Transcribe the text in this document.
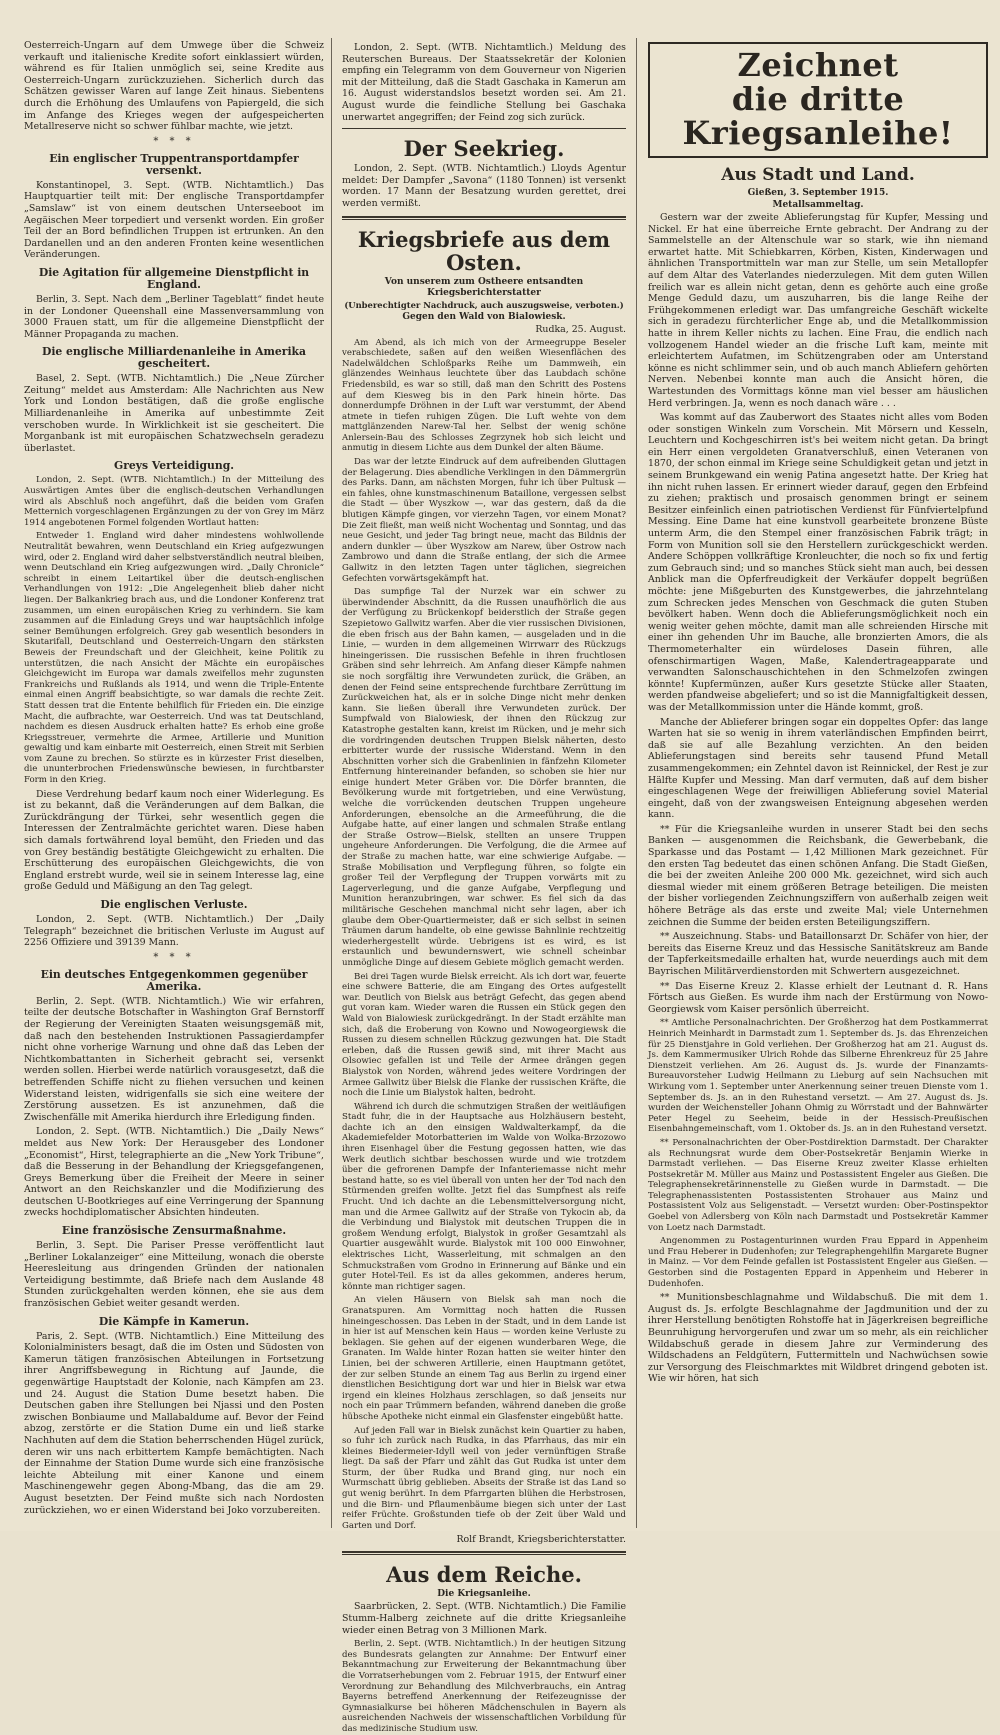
Oesterreich-Ungarn auf dem Umwege über die Schweiz verkauft und italienische Kredite sofort einklassiert würden, während es für Italien unmöglich sei, seine Kredite aus Oesterreich-Ungarn zurückzuziehen. Sicherlich durch das Schätzen gewisser Waren auf lange Zeit hinaus. Siebentens durch die Erhöhung des Umlaufens von Papiergeld, die sich im Anfange des Krieges wegen der aufgespeicherten Metallreserve nicht so schwer fühlbar machte, wie jetzt.

* * *
Ein englischer Truppentransportdampfer versenkt.

Konstantinopel, 3. Sept. (WTB. Nichtamtlich.) Das Hauptquartier teilt mit: Der englische Transportdampfer „Samslaw“ ist von einem deutschen Unterseeboot im Aegäischen Meer torpediert und versenkt worden. Ein großer Teil der an Bord befindlichen Truppen ist ertrunken. An den Dardanellen und an den anderen Fronten keine wesentlichen Veränderungen.

Die Agitation für allgemeine Dienstpflicht in England.

Berlin, 3. Sept. Nach dem „Berliner Tageblatt“ findet heute in der Londoner Queenshall eine Massenversammlung von 3000 Frauen statt, um für die allgemeine Dienstpflicht der Männer Propaganda zu machen.

Die englische Milliardenanleihe in Amerika gescheitert.

Basel, 2. Sept. (WTB. Nichtamtlich.) Die „Neue Zürcher Zeitung“ meldet aus Amsterdam: Alle Nachrichten aus New York und London bestätigen, daß die große englische Milliardenanleihe in Amerika auf unbestimmte Zeit verschoben wurde. In Wirklichkeit ist sie gescheitert. Die Morganbank ist mit europäischen Schatzwechseln geradezu überlastet.

Greys Verteidigung.

London, 2. Sept. (WTB. Nichtamtlich.) In der Mitteilung des Auswärtigen Amtes über die englisch-deutschen Verhandlungen wird als Abschluß noch angeführt, daß die beiden vom Grafen Metternich vorgeschlagenen Ergänzungen zu der von Grey im März 1914 angebotenen Formel folgenden Wortlaut hatten:

Entweder 1. England wird daher mindestens wohlwollende Neutralität bewahren, wenn Deutschland ein Krieg aufgezwungen wird, oder 2. England wird daher selbstverständlich neutral bleiben, wenn Deutschland ein Krieg aufgezwungen wird. „Daily Chronicle“ schreibt in einem Leitartikel über die deutsch-englischen Verhandlungen von 1912: „Die Angelegenheit blieb daher nicht liegen. Der Balkankrieg brach aus, und die Londoner Konferenz trat zusammen, um einen europäischen Krieg zu verhindern. Sie kam zusammen auf die Einladung Greys und war hauptsächlich infolge seiner Bemühungen erfolgreich. Grey gab wesentlich besonders in Skutarifall, Deutschland und Oesterreich-Ungarn den stärksten Beweis der Freundschaft und der Gleichheit, keine Politik zu unterstützen, die nach Ansicht der Mächte ein europäisches Gleichgewicht im Europa war damals zweifellos mehr zugunsten Frankreichs und Rußlands als 1914, und wenn die Triple-Entente einmal einen Angriff beabsichtigte, so war damals die rechte Zeit. Statt dessen trat die Entente behilflich für Frieden ein. Die einzige Macht, die aufbrachte, war Oesterreich. Und was tat Deutschland, nachdem es diesen Ausdruck erhalten hatte? Es erhob eine große Kriegsstreuer, vermehrte die Armee, Artillerie und Munition gewaltig und kam einbarte mit Oesterreich, einen Streit mit Serbien vom Zaune zu brechen. So stürzte es in kürzester Frist dieselben, die ununterbrochen Friedenswünsche bewiesen, in furchtbarster Form in den Krieg.

Diese Verdrehung bedarf kaum noch einer Widerlegung. Es ist zu bekannt, daß die Veränderungen auf dem Balkan, die Zurückdrängung der Türkei, sehr wesentlich gegen die Interessen der Zentralmächte gerichtet waren. Diese haben sich damals fortwährend loyal bemüht, den Frieden und das von Grey beständig bestätigte Gleichgewicht zu erhalten. Die Erschütterung des europäischen Gleichgewichts, die von England erstrebt wurde, weil sie in seinem Interesse lag, eine große Geduld und Mäßigung an den Tag gelegt.

Die englischen Verluste.

London, 2. Sept. (WTB. Nichtamtlich.) Der „Daily Telegraph“ bezeichnet die britischen Verluste im August auf 2256 Offiziere und 39139 Mann.

* * *
Ein deutsches Entgegenkommen gegenüber Amerika.

Berlin, 2. Sept. (WTB. Nichtamtlich.) Wie wir erfahren, teilte der deutsche Botschafter in Washington Graf Bernstorff der Regierung der Vereinigten Staaten weisungsgemäß mit, daß nach den bestehenden Instruktionen Passagierdampfer nicht ohne vorherige Warnung und ohne daß das Leben der Nichtkombattanten in Sicherheit gebracht sei, versenkt werden sollen. Hierbei werde natürlich vorausgesetzt, daß die betreffenden Schiffe nicht zu fliehen versuchen und keinen Widerstand leisten, widrigenfalls sie sich eine weitere der Zerstörung aussetzen. Es ist anzunehmen, daß die Zwischenfälle mit Amerika hierdurch ihre Erledigung finden.

London, 2. Sept. (WTB. Nichtamtlich.) Die „Daily News“ meldet aus New York: Der Herausgeber des Londoner „Economist“, Hirst, telegraphierte an die „New York Tribune“, daß die Besserung in der Behandlung der Kriegsgefangenen, Greys Bemerkung über die Freiheit der Meere in seiner Antwort an den Reichskanzler und die Modifizierung des deutschen U-Bootkrieges auf eine Verringerung der Spannung zwecks hochdiplomatischer Absichten hindeuten.

Eine französische Zensurmaßnahme.

Berlin, 3. Sept. Die Pariser Presse veröffentlicht laut „Berliner Lokalanzeiger“ eine Mitteilung, wonach die oberste Heeresleitung aus dringenden Gründen der nationalen Verteidigung bestimmte, daß Briefe nach dem Auslande 48 Stunden zurückgehalten werden können, ehe sie aus dem französischen Gebiet weiter gesandt werden.

Die Kämpfe in Kamerun.

Paris, 2. Sept. (WTB. Nichtamtlich.) Eine Mitteilung des Kolonialministers besagt, daß die im Osten und Südosten von Kamerun tätigen französischen Abteilungen in Fortsetzung ihrer Angriffsbewegung in Richtung auf Jaunde, die gegenwärtige Hauptstadt der Kolonie, nach Kämpfen am 23. und 24. August die Station Dume besetzt haben. Die Deutschen gaben ihre Stellungen bei Njassi und den Posten zwischen Bonbiaume und Mallabaldume auf. Bevor der Feind abzog, zerstörte er die Station Dume ein und ließ starke Nachhuten auf dem die Station beherrschenden Hügel zurück, deren wir uns nach erbittertem Kampfe bemächtigten. Nach der Einnahme der Station Dume wurde sich eine französische leichte Abteilung mit einer Kanone und einem Maschinengewehr gegen Abong-Mbang, das die am 29. August besetzten. Der Feind mußte sich nach Nordosten zurückziehen, wo er einen Widerstand bei Joko vorzubereiten.

London, 2. Sept. (WTB. Nichtamtlich.) Meldung des Reuterschen Bureaus. Der Staatssekretär der Kolonien empfing ein Telegramm von dem Gouverneur von Nigerien mit der Mitteilung, daß die Stadt Gaschaka in Kamerun am 16. August widerstandslos besetzt worden sei. Am 21. August wurde die feindliche Stellung bei Gaschaka unerwartet angegriffen; der Feind zog sich zurück.

Der Seekrieg.

London, 2. Sept. (WTB. Nichtamtlich.) Lloyds Agentur meldet: Der Dampfer „Savona“ (1180 Tonnen) ist versenkt worden. 17 Mann der Besatzung wurden gerettet, drei werden vermißt.

Kriegsbriefe aus dem Osten.
Von unserem zum Ostheere entsandten Kriegsberichterstatter
(Unberechtigter Nachdruck, auch auszugsweise, verboten.)
Gegen den Wald von Bialowiesk.
Rudka, 25. August.

Am Abend, als ich mich von der Armeegruppe Beseler verabschiedete, saßen auf den weißen Wiesenflächen des Nadelwäldchen Schloßparks Reihe um Dammweih, ein glänzendes Weinhaus leuchtete über das Laubdach schöne Friedensbild, es war so still, daß man den Schritt des Postens auf dem Kiesweg bis in den Park hinein hörte. Das donnerdumpfe Dröhnen in der Luft war verstummt, der Abend atmete in tiefen ruhigen Zügen. Die Luft wehte von dem mattglänzenden Narew-Tal her. Selbst der wenig schöne Anlersein-Bau des Schlosses Zegrzynek hob sich leicht und anmutig in diesem Lichte aus dem Dunkel der alten Bäume.

Das war der letzte Eindruck auf dem aufreibenden Gluttagen der Belagerung. Dies abendliche Verklingen in den Dämmergrün des Parks. Dann, am nächsten Morgen, fuhr ich über Pultusk — ein fahles, ohne kunstmaschinenum Bataillone, vergessen selbst die Stadt — über Wyszkow —, war das gestern, daß da die blutigen Kämpfe gingen, vor vierzehn Tagen, vor einem Monat? Die Zeit fließt, man weiß nicht Wochentag und Sonntag, und das neue Gesicht, und jeder Tag bringt neue, macht das Bildnis der andern dunkler — über Wyszkow am Narew, über Ostrow nach Zambrowo und dann die Straße entlang, der sich die Armee Gallwitz in den letzten Tagen unter täglichen, siegreichen Gefechten vorwärtsgekämpft hat.

Das sumpfige Tal der Nurzek war ein schwer zu überwindender Abschnitt, da die Russen unaufhörlich die aus der Verfügung zu Brückenkopf beiderstlich der Straße gegen Szepietowo Gallwitz warfen. Aber die vier russischen Divisionen, die eben frisch aus der Bahn kamen, — ausgeladen und in die Linie, — wurden in dem allgemeinen Wirrwarr des Rückzugs hineingerissen. Die russischen Befehle in ihren fruchtlosen Gräben sind sehr lehrreich. Am Anfang dieser Kämpfe nahmen sie noch sorgfältig ihre Verwundeten zurück, die Gräben, an denen der Feind seine entsprechende furchtbare Zerrüttung im Zurückweichen hat, als er in solche Dinge nicht mehr denken kann. Sie ließen überall ihre Verwundeten zurück. Der Sumpfwald von Bialowiesk, der ihnen den Rückzug zur Katastrophe gestalten kann, kreist im Rücken, und je mehr sich die vordringenden deutschen Truppen Bielsk näherten, desto erbitterter wurde der russische Widerstand. Wenn in den Abschnitten vorher sich die Grabenlinien in fänfzehn Kilometer Entfernung hintereinander befanden, so schoben sie hier nur einige hundert Meter Gräben vor. Die Dörfer brannten, die Bevölkerung wurde mit fortgetrieben, und eine Verwüstung, welche die vorrückenden deutschen Truppen ungeheure Anforderungen, ebensolche an die Armeeführung, die die Aufgabe hatte, auf einer langen und schmalen Straße entlang der Straße Ostrow—Bielsk, stellten an unsere Truppen ungeheure Anforderungen. Die Verfolgung, die die Armee auf der Straße zu machen hatte, war eine schwierige Aufgabe. — Straße Mobilisation und Verpflegung führen, so folgte ein großer Teil der Verpflegung der Truppen vorwärts mit zu Lagerverlegung, und die ganze Aufgabe, Verpflegung und Munition heranzubringen, war schwer. Es fiel sich da das militärische Geschehen manchmal nicht sehr lagen, aber ich glaube dem Ober-Quartiermeister, daß er sich selbst in seinen Träumen darum handelte, ob eine gewisse Bahnlinie rechtzeitig wiederhergestellt würde. Uebrigens ist es wird, es ist erstaunlich und bewundernswert, wie schnell scheinbar unmögliche Dinge auf diesem Gebiete möglich gemacht werden.

Bei drei Tagen wurde Bielsk erreicht. Als ich dort war, feuerte eine schwere Batterie, die am Eingang des Ortes aufgestellt war. Deutlich von Bielsk aus beträgt Gefecht, das gegen abend gut voran kam. Wieder waren die Russen ein Stück gegen den Wald von Bialowiesk zurückgedrängt. In der Stadt erzählte man sich, daß die Eroberung von Kowno und Nowogeorgiewsk die Russen zu diesem schnellen Rückzug gezwungen hat. Die Stadt erleben, daß die Russen gewiß sind, mit ihrer Macht aus Olsowiec gefallen ist und Teile der Armee drängen gegen Bialystok von Norden, während jedes weitere Vordringen der Armee Gallwitz über Bielsk die Flanke der russischen Kräfte, die noch die Linie um Bialystok halten, bedroht.

Während ich durch die schmutzigen Straßen der weitläufigen Stadt fuhr, die in der Hauptsache aus Holzhäusern besteht, dachte ich an den einsigen Waldwalterkampf, da die Akademiefelder Motorbatterien im Walde von Wolka-Brzozowo ihren Eisenhagel über die Festung gegossen hatten, wie das Werk deutlich sichtbar beschossen wurde und wie trotzdem über die gefrorenen Dampfe der Infanteriemasse nicht mehr bestand hatte, so es viel überall von unten her der Tod nach den Stürmenden greifen wollte. Jetzt fiel das Sumpfnest als reife Frucht. Und ich dachte an die Lebensmittelversorgung nicht, man und die Armee Gallwitz auf der Straße von Tykocin ab, da die Verbindung und Bialystok mit deutschen Truppen die in großem Wendung erfolgt, Bialystok in großer Gesamtzahl als Quartier ausgewählt wurde. Bialystok mit 100 000 Einwohner, elektrisches Licht, Wasserleitung, mit schmalgen an den Schmuckstraßen vom Grodno in Erinnerung auf Bänke und ein guter Hotel-Teil. Es ist da alles gekommen, anderes herum, könnte man richtiger sagen.

An vielen Häusern von Bielsk sah man noch die Granatspuren. Am Vormittag noch hatten die Russen hineingeschossen. Das Leben in der Stadt, und in dem Lande ist in hier ist auf Menschen kein Haus — worden keine Verluste zu beklagen. Sie gehen auf der eigenen wunderbaren Wege, die Granaten. Im Walde hinter Rozan hatten sie weiter hinter den Linien, bei der schweren Artillerie, einen Hauptmann getötet, der zur selben Stunde an einem Tag aus Berlin zu irgend einer dienstlichen Besichtigung dort war und hier in Bielsk war etwa irgend ein kleines Holzhaus zerschlagen, so daß jenseits nur noch ein paar Trümmern befanden, während daneben die große hübsche Apotheke nicht einmal ein Glasfenster eingebüßt hatte.

Auf jeden Fall war in Bielsk zunächst kein Quartier zu haben, so fuhr ich zurück nach Rudka, in das Pfarrhaus, das mir ein kleines Biedermeier-Idyll weil von jeder vernünftigen Straße liegt. Da saß der Pfarr und zählt das Gut Rudka ist unter dem Sturm, der über Rudka und Brand ging, nur noch ein Wurmschatt übrig geblieben. Abseits der Straße ist das Land so gut wenig berührt. In dem Pfarrgarten blühen die Herbstrosen, und die Birn- und Pflaumenbäume biegen sich unter der Last reifer Früchte. Großstunden tiefe ob der Zeit über Wald und Garten und Dorf.

Rolf Brandt, Kriegsberichterstatter.
Aus dem Reiche.
Die Kriegsanleihe.

Saarbrücken, 2. Sept. (WTB. Nichtamtlich.) Die Familie Stumm-Halberg zeichnete auf die dritte Kriegsanleihe wieder einen Betrag von 3 Millionen Mark.

Berlin, 2. Sept. (WTB. Nichtamtlich.) In der heutigen Sitzung des Bundesrats gelangten zur Annahme: Der Entwurf einer Bekanntmachung zur Erweiterung der Bekanntmachung über die Vorratserhebungen vom 2. Februar 1915, der Entwurf einer Verordnung zur Behandlung des Milchverbrauchs, ein Antrag Bayerns betreffend Anerkennung der Reifezeugnisse der Gymnasialkurse bei höheren Mädchenschulen in Bayern als ausreichenden Nachweis der wissenschaftlichen Vorbildung für das medizinische Studium usw.

Zeichnet
die dritte Kriegsanleihe!
Aus Stadt und Land.
Gießen, 3. September 1915.
Metallsammeltag.

Gestern war der zweite Ablieferungstag für Kupfer, Messing und Nickel. Er hat eine überreiche Ernte gebracht. Der Andrang zu der Sammelstelle an der Altenschule war so stark, wie ihn niemand erwartet hatte. Mit Schiebkarren, Körben, Kisten, Kinderwagen und ähnlichen Transportmitteln war man zur Stelle, um sein Metallopfer auf dem Altar des Vaterlandes niederzulegen. Mit dem guten Willen freilich war es allein nicht getan, denn es gehörte auch eine große Menge Geduld dazu, um auszuharren, bis die lange Reihe der Frühgekommenen erledigt war. Das umfangreiche Geschäft wickelte sich in geradezu fürchterlicher Enge ab, und die Metallkommission hatte in ihrem Keller nichts zu lachen. Eine Frau, die endlich nach vollzogenem Handel wieder an die frische Luft kam, meinte mit erleichtertem Aufatmen, im Schützengraben oder am Unterstand könne es nicht schlimmer sein, und ob auch manch Abliefern gehörten Nerven. Nebenbei konnte man auch die Ansicht hören, die Wartestunden des Vormittags könne man viel besser am häuslichen Herd verbringen. Ja, wenn es noch danach wäre . . .

Was kommt auf das Zauberwort des Staates nicht alles vom Boden oder sonstigen Winkeln zum Vorschein. Mit Mörsern und Kesseln, Leuchtern und Kochgeschirren ist's bei weitem nicht getan. Da bringt ein Herr einen vergoldeten Granatverschluß, einen Veteranen von 1870, der schon einmal im Kriege seine Schuldigkeit getan und jetzt in seinem Brunkgewand ein wenig Patina angesetzt hatte. Der Krieg hat ihn nicht ruhen lassen. Er erinnert wieder darauf, gegen den Erbfeind zu ziehen; praktisch und prosaisch genommen bringt er seinem Besitzer einfeinlich einen patriotischen Verdienst für Fünfviertelpfund Messing. Eine Dame hat eine kunstvoll gearbeitete bronzene Büste unterm Arm, die den Stempel einer französischen Fabrik trägt; in Form von Munition soll sie den Herstellern zurückgeschickt werden. Andere Schöppen vollkräftige Kronleuchter, die noch so fix und fertig zum Gebrauch sind; und so manches Stück sieht man auch, bei dessen Anblick man die Opferfreudigkeit der Verkäufer doppelt begrüßen möchte: jene Mißgeburten des Kunstgewerbes, die jahrzehntelang zum Schrecken jedes Menschen von Geschmack die guten Stuben bevölkert haben. Wenn doch die Ablieferungsmöglichkeit noch ein wenig weiter gehen möchte, damit man alle schreienden Hirsche mit einer ihn gehenden Uhr im Bauche, alle bronzierten Amors, die als Thermometerhalter ein würdeloses Dasein führen, alle ofenschirmartigen Wagen, Maße, Kalendertrageapparate und verwandten Salonschauschichtehen in den Schmelzofen zwingen könnte! Kupfermünzen, außer Kurs gesetzte Stücke aller Staaten, werden pfandweise abgeliefert; und so ist die Mannigfaltigkeit dessen, was der Metallkommission unter die Hände kommt, groß.

Manche der Ablieferer bringen sogar ein doppeltes Opfer: das lange Warten hat sie so wenig in ihrem vaterländischen Empfinden beirrt, daß sie auf alle Bezahlung verzichten. An den beiden Ablieferungstagen sind bereits sehr tausend Pfund Metall zusammengekommen; ein Zehntel davon ist Reinnickel, der Rest je zur Hälfte Kupfer und Messing. Man darf vermuten, daß auf dem bisher eingeschlagenen Wege der freiwilligen Ablieferung soviel Material eingeht, daß von der zwangsweisen Enteignung abgesehen werden kann.

** Für die Kriegsanleihe wurden in unserer Stadt bei den sechs Banken — ausgenommen die Reichsbank, die Gewerbebank, die Sparkasse und das Postamt — 1,42 Millionen Mark gezeichnet. Für den ersten Tag bedeutet das einen schönen Anfang. Die Stadt Gießen, die bei der zweiten Anleihe 200 000 Mk. gezeichnet, wird sich auch diesmal wieder mit einem größeren Betrage beteiligen. Die meisten der bisher vorliegenden Zeichnungsziffern von außerhalb zeigen weit höhere Beträge als das erste und zweite Mal; viele Unternehmen zeichnen die Summe der beiden ersten Beteiligungsziffern.

** Auszeichnung. Stabs- und Bataillonsarzt Dr. Schäfer von hier, der bereits das Eiserne Kreuz und das Hessische Sanitätskreuz am Bande der Tapferkeitsmedaille erhalten hat, wurde neuerdings auch mit dem Bayrischen Militärverdienstorden mit Schwertern ausgezeichnet.

** Das Eiserne Kreuz 2. Klasse erhielt der Leutnant d. R. Hans Förtsch aus Gießen. Es wurde ihm nach der Erstürmung von Nowo-Georgiewsk vom Kaiser persönlich überreicht.

** Amtliche Personalnachrichten. Der Großherzog hat dem Postkammerrat Heinrich Meinhardt in Darmstadt zum 1. September ds. Js. das Ehrenzeichen für 25 Dienstjahre in Gold verliehen. Der Großherzog hat am 21. August ds. Js. dem Kammermusiker Ulrich Rohde das Silberne Ehrenkreuz für 25 Jahre Dienstzeit verliehen. Am 26. August ds. Js. wurde der Finanzamts-Bureauvorsteher Ludwig Heilmann zu Lieburg auf sein Nachsuchen mit Wirkung vom 1. September unter Anerkennung seiner treuen Dienste vom 1. September ds. Js. an in den Ruhestand versetzt. — Am 27. August ds. Js. wurden der Weichensteller Johann Ohmig zu Wörrstadt und der Bahnwärter Peter Hegel zu Seeheim, beide in der Hessisch-Preußischen Eisenbahngemeinschaft, vom 1. Oktober ds. Js. an in den Ruhestand versetzt.

** Personalnachrichten der Ober-Postdirektion Darmstadt. Der Charakter als Rechnungsrat wurde dem Ober-Postsekretär Benjamin Wierke in Darmstadt verliehen. — Das Eiserne Kreuz zweiter Klasse erhielten Postsekretär M. Müller aus Mainz und Postassistent Engeler aus Gießen. Die Telegraphensekretärinnenstelle zu Gießen wurde in Darmstadt. — Die Telegraphenassistenten Postassistenten Strohauer aus Mainz und Postassistent Volz aus Seligenstadt. — Versetzt wurden: Ober-Postinspektor Goebel von Adlersberg von Köln nach Darmstadt und Postsekretär Kammer von Loetz nach Darmstadt.

Angenommen zu Postagenturinnen wurden Frau Eppard in Appenheim und Frau Heberer in Dudenhofen; zur Telegraphengehilfin Margarete Bugner in Mainz. — Vor dem Feinde gefallen ist Postassistent Engeler aus Gießen. — Gestorben sind die Postagenten Eppard in Appenheim und Heberer in Dudenhofen.

** Munitionsbeschlagnahme und Wildabschuß. Die mit dem 1. August ds. Js. erfolgte Beschlagnahme der Jagdmunition und der zu ihrer Herstellung benötigten Rohstoffe hat in Jägerkreisen begreifliche Beunruhigung hervorgerufen und zwar um so mehr, als ein reichlicher Wildabschuß gerade in diesem Jahre zur Verminderung des Wildschadens an Feldgütern, Futtermitteln und Nachwüchsen sowie zur Versorgung des Fleischmarktes mit Wildbret dringend geboten ist. Wie wir hören, hat sich
